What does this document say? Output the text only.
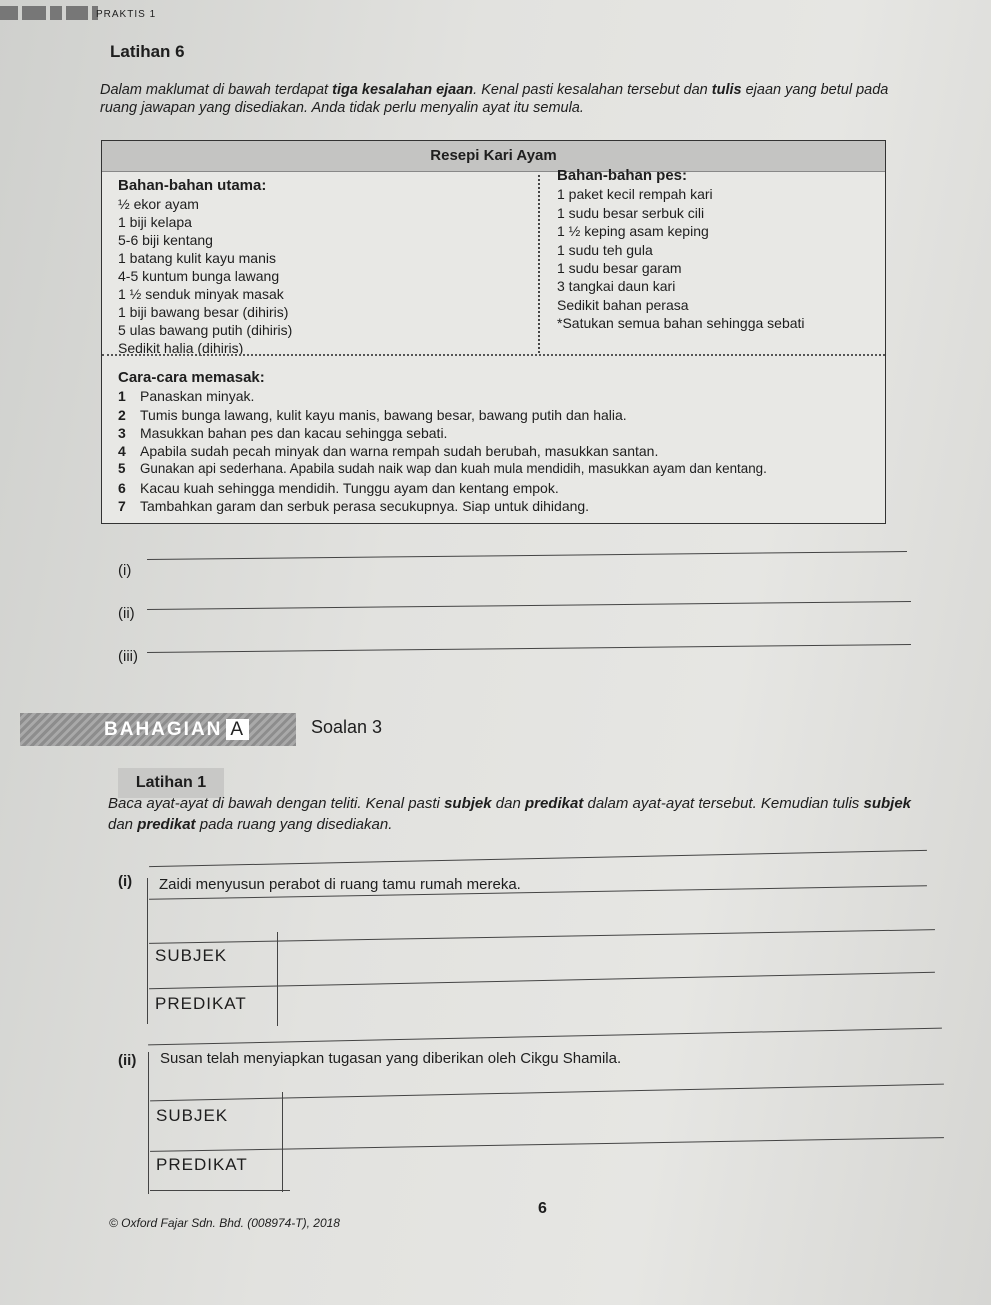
PRAKTIS 1
Latihan 6
Dalam maklumat di bawah terdapat tiga kesalahan ejaan. Kenal pasti kesalahan tersebut dan tulis ejaan yang betul pada ruang jawapan yang disediakan. Anda tidak perlu menyalin ayat itu semula.
Resepi Kari Ayam
Bahan-bahan utama:
½ ekor ayam
1 biji kelapa
5-6 biji kentang
1 batang kulit kayu manis
4-5 kuntum bunga lawang
1 ½ senduk minyak masak
1 biji bawang besar (dihiris)
5 ulas bawang putih (dihiris)
Sedikit halia (dihiris)
Bahan-bahan pes:
1 paket kecil rempah kari
1 sudu besar serbuk cili
1 ½ keping asam keping
1 sudu teh gula
1 sudu besar garam
3 tangkai daun kari
Sedikit bahan perasa
*Satukan semua bahan sehingga sebati
Cara-cara memasak:
1 Panaskan minyak.
2 Tumis bunga lawang, kulit kayu manis, bawang besar, bawang putih dan halia.
3 Masukkan bahan pes dan kacau sehingga sebati.
4 Apabila sudah pecah minyak dan warna rempah sudah berubah, masukkan santan.
5 Gunakan api sederhana. Apabila sudah naik wap dan kuah mula mendidih, masukkan ayam dan kentang.
6 Kacau kuah sehingga mendidih. Tunggu ayam dan kentang empok.
7 Tambahkan garam dan serbuk perasa secukupnya. Siap untuk dihidang.
(i)
(ii)
(iii)
BAHAGIAN A	Soalan 3
Latihan 1
Baca ayat-ayat di bawah dengan teliti. Kenal pasti subjek dan predikat dalam ayat-ayat tersebut. Kemudian tulis subjek dan predikat pada ruang yang disediakan.
(i) Zaidi menyusun perabot di ruang tamu rumah mereka.
SUBJEK
PREDIKAT
(ii) Susan telah menyiapkan tugasan yang diberikan oleh Cikgu Shamila.
SUBJEK
PREDIKAT
6
© Oxford Fajar Sdn. Bhd. (008974-T), 2018
